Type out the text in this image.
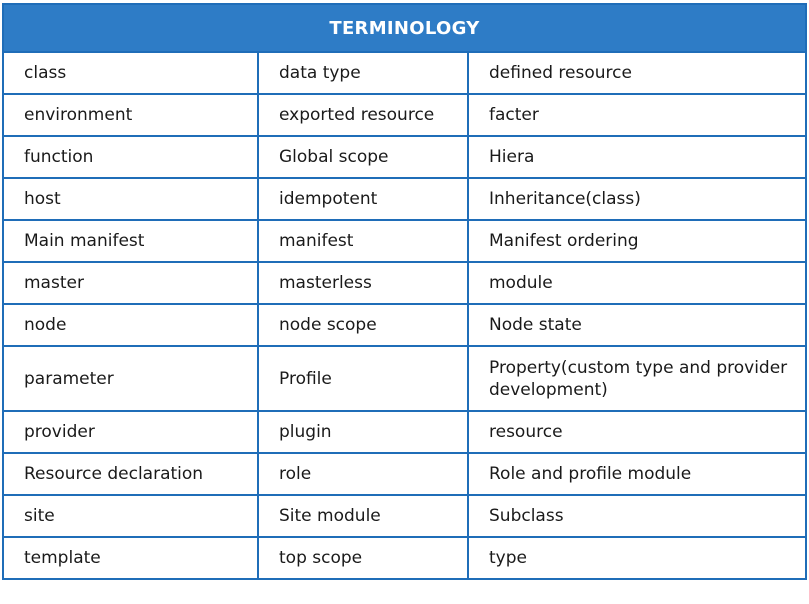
TERMINOLOGY		
class	data type	defined resource
environment	exported resource	facter
function	Global scope	Hiera
host	idempotent	Inheritance(class)
Main manifest	manifest	Manifest ordering
master	masterless	module
node	node scope	Node state
parameter	Profile	Property(custom type and provider development)
provider	plugin	resource
Resource declaration	role	Role and profile module
site	Site module	Subclass
template	top scope	type
